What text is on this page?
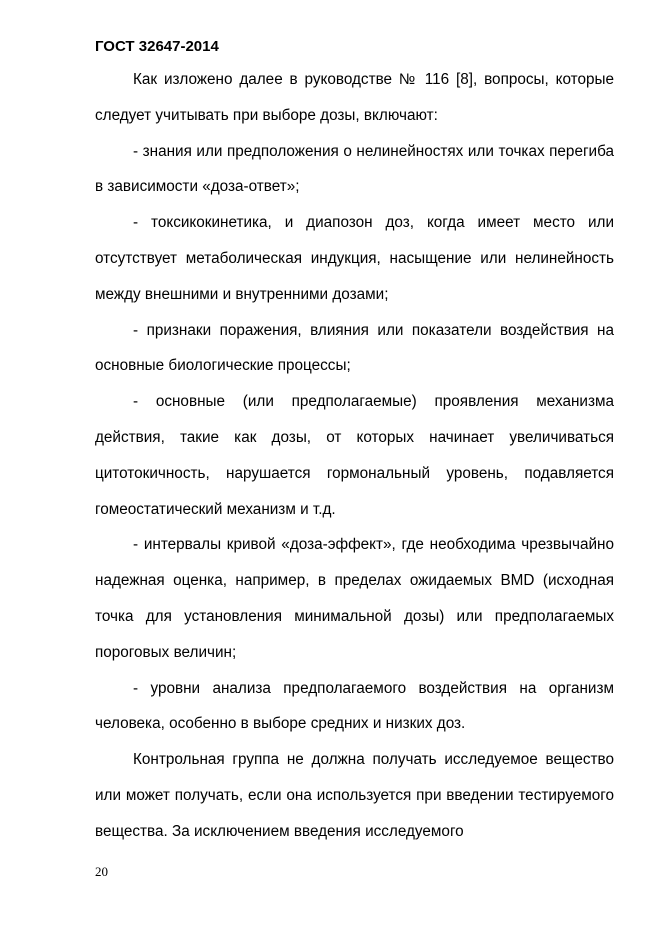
ГОСТ 32647-2014

Как изложено далее в руководстве № 116 [8], вопросы, которые следует учитывать при выборе дозы, включают:

- знания или предположения о нелинейностях или точках перегиба в зависимости «доза-ответ»;

- токсикокинетика, и диапозон доз, когда имеет место или отсутствует метаболическая индукция, насыщение или нелинейность между внешними и внутренними дозами;

- признаки поражения, влияния или показатели воздействия на основные биологические процессы;

- основные (или предполагаемые) проявления механизма действия, такие как дозы, от которых начинает увеличиваться цитотокичность, нарушается гормональный уровень, подавляется гомеостатический механизм и т.д.

- интервалы кривой «доза-эффект», где необходима чрезвычайно надежная оценка, например, в пределах ожидаемых BMD (исходная точка для установления минимальной дозы) или предполагаемых пороговых величин;

- уровни анализа предполагаемого воздействия на организм человека, особенно в выборе средних и низких доз.

Контрольная группа не должна получать исследуемое вещество или может получать, если она используется при введении тестируемого вещества. За исключением введения исследуемого

20
